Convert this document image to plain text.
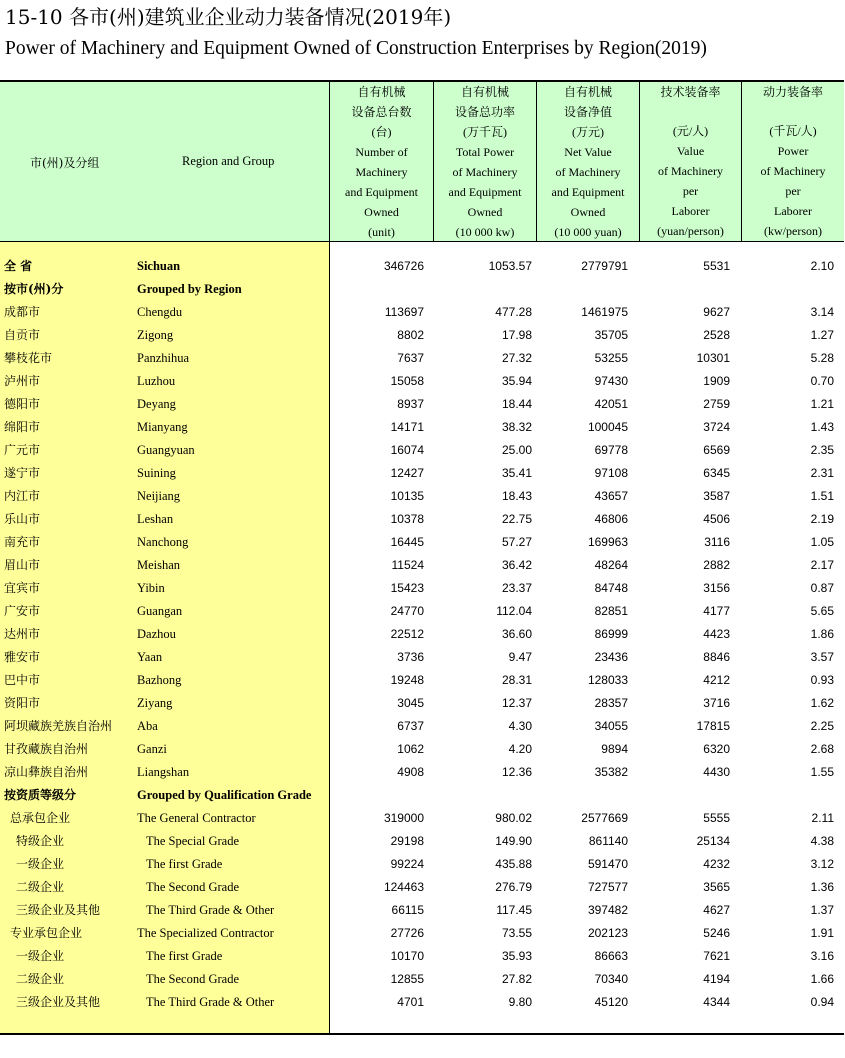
15-10 各市(州)建筑业企业动力装备情况(2019年)
Power of Machinery and Equipment Owned of Construction Enterprises by Region(2019)
市(州)及分组	Region and Group
自有机械
设备总台数
(台)
Number of
Machinery
and Equipment
Owned
(unit)
自有机械
设备总功率
(万千瓦)
Total Power
of Machinery
and Equipment
Owned
(10 000 kw)
自有机械
设备净值
(万元)
Net Value
of Machinery
and Equipment
Owned
(10 000 yuan)
技术装备率
(元/人)
Value
of Machinery
per
Laborer
(yuan/person)
动力装备率
(千瓦/人)
Power
of Machinery
per
Laborer
(kw/person)
全 省	Sichuan	346726	1053.57	2779791	5531	2.10
按市(州)分	Grouped by Region
成都市	Chengdu	113697	477.28	1461975	9627	3.14
自贡市	Zigong	8802	17.98	35705	2528	1.27
攀枝花市	Panzhihua	7637	27.32	53255	10301	5.28
泸州市	Luzhou	15058	35.94	97430	1909	0.70
德阳市	Deyang	8937	18.44	42051	2759	1.21
绵阳市	Mianyang	14171	38.32	100045	3724	1.43
广元市	Guangyuan	16074	25.00	69778	6569	2.35
遂宁市	Suining	12427	35.41	97108	6345	2.31
内江市	Neijiang	10135	18.43	43657	3587	1.51
乐山市	Leshan	10378	22.75	46806	4506	2.19
南充市	Nanchong	16445	57.27	169963	3116	1.05
眉山市	Meishan	11524	36.42	48264	2882	2.17
宜宾市	Yibin	15423	23.37	84748	3156	0.87
广安市	Guangan	24770	112.04	82851	4177	5.65
达州市	Dazhou	22512	36.60	86999	4423	1.86
雅安市	Yaan	3736	9.47	23436	8846	3.57
巴中市	Bazhong	19248	28.31	128033	4212	0.93
资阳市	Ziyang	3045	12.37	28357	3716	1.62
阿坝藏族羌族自治州 Aba	6737	4.30	34055	17815	2.25
甘孜藏族自治州	Ganzi	1062	4.20	9894	6320	2.68
凉山彝族自治州	Liangshan	4908	12.36	35382	4430	1.55
按资质等级分	Grouped by Qualification Grade
总承包企业	The General Contractor	319000	980.02	2577669	5555	2.11
特级企业	The Special Grade	29198	149.90	861140	25134	4.38
一级企业	The first Grade	99224	435.88	591470	4232	3.12
二级企业	The Second Grade	124463	276.79	727577	3565	1.36
三级企业及其他	The Third Grade & Other	66115	117.45	397482	4627	1.37
专业承包企业	The Specialized Contractor	27726	73.55	202123	5246	1.91
一级企业	The first Grade	10170	35.93	86663	7621	3.16
二级企业	The Second Grade	12855	27.82	70340	4194	1.66
三级企业及其他	The Third Grade & Other	4701	9.80	45120	4344	0.94
